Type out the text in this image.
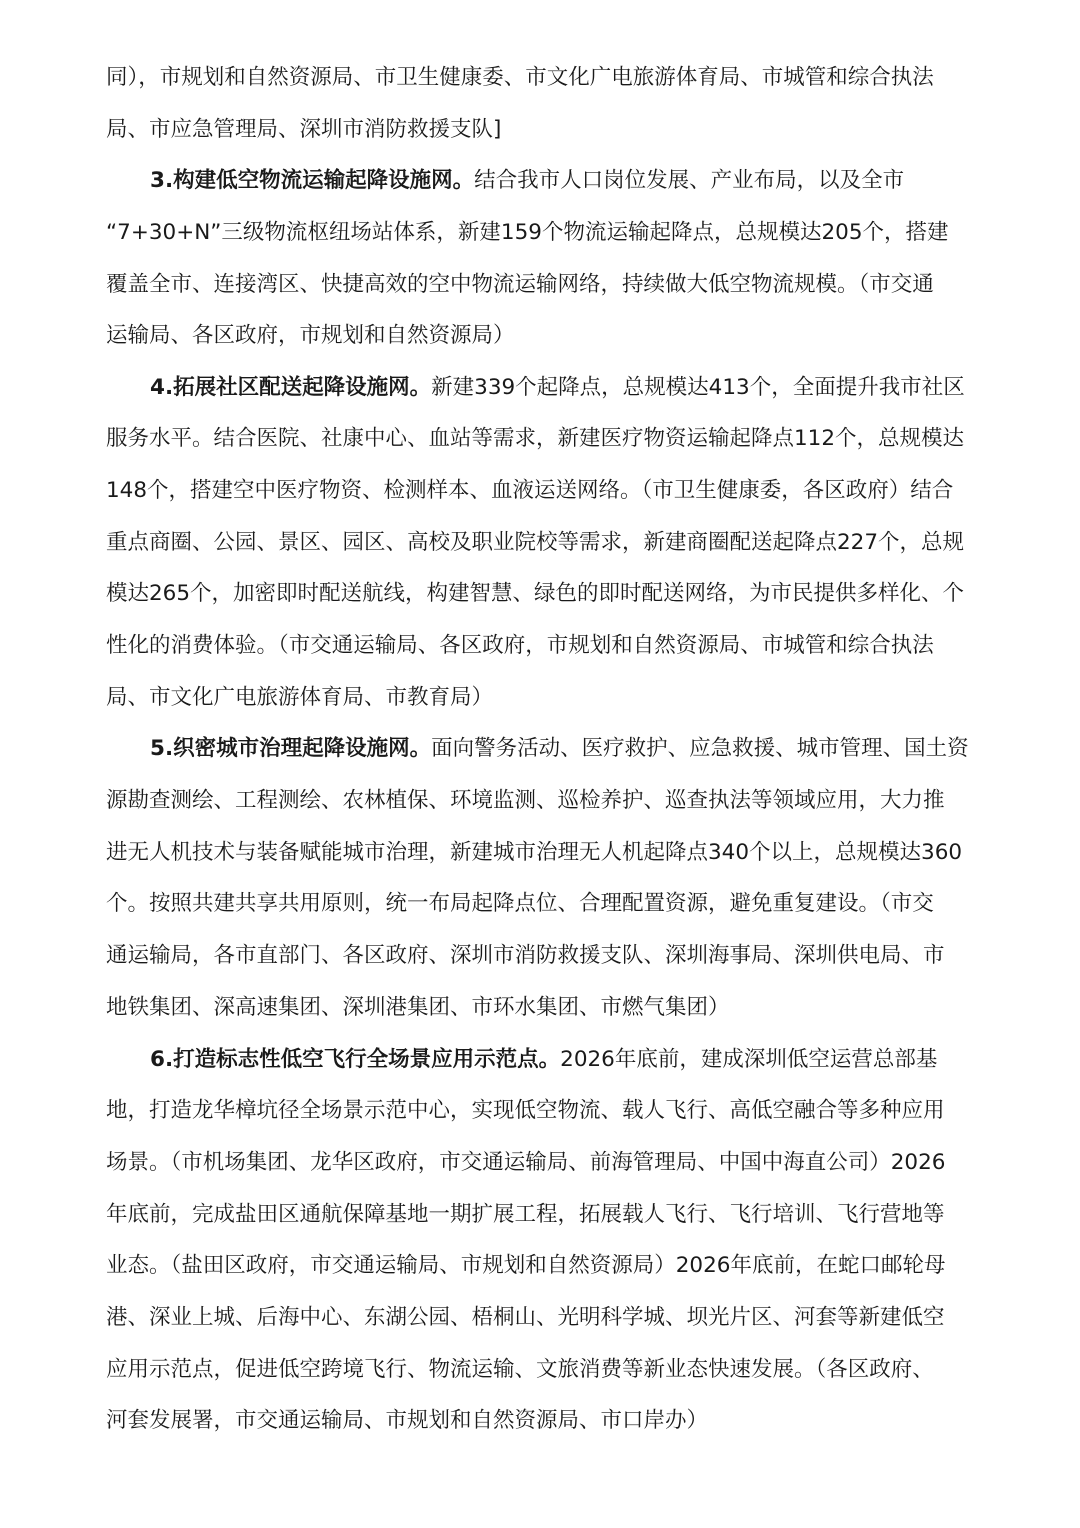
同），市规划和自然资源局、市卫生健康委、市文化广电旅游体育局、市城管和综合执法
局、市应急管理局、深圳市消防救援支队]
3.构建低空物流运输起降设施网。结合我市人口岗位发展、产业布局，以及全市
“7+30+N”三级物流枢纽场站体系，新建159个物流运输起降点，总规模达205个，搭建
覆盖全市、连接湾区、快捷高效的空中物流运输网络，持续做大低空物流规模。（市交通
运输局、各区政府，市规划和自然资源局）
4.拓展社区配送起降设施网。新建339个起降点，总规模达413个，全面提升我市社区
服务水平。结合医院、社康中心、血站等需求，新建医疗物资运输起降点112个，总规模达
148个，搭建空中医疗物资、检测样本、血液运送网络。（市卫生健康委，各区政府）结合
重点商圈、公园、景区、园区、高校及职业院校等需求，新建商圈配送起降点227个，总规
模达265个，加密即时配送航线，构建智慧、绿色的即时配送网络，为市民提供多样化、个
性化的消费体验。（市交通运输局、各区政府，市规划和自然资源局、市城管和综合执法
局、市文化广电旅游体育局、市教育局）
5.织密城市治理起降设施网。面向警务活动、医疗救护、应急救援、城市管理、国土资
源勘查测绘、工程测绘、农林植保、环境监测、巡检养护、巡查执法等领域应用，大力推
进无人机技术与装备赋能城市治理，新建城市治理无人机起降点340个以上，总规模达360
个。按照共建共享共用原则，统一布局起降点位、合理配置资源，避免重复建设。（市交
通运输局，各市直部门、各区政府、深圳市消防救援支队、深圳海事局、深圳供电局、市
地铁集团、深高速集团、深圳港集团、市环水集团、市燃气集团）
6.打造标志性低空飞行全场景应用示范点。2026年底前，建成深圳低空运营总部基
地，打造龙华樟坑径全场景示范中心，实现低空物流、载人飞行、高低空融合等多种应用
场景。（市机场集团、龙华区政府，市交通运输局、前海管理局、中国中海直公司）2026
年底前，完成盐田区通航保障基地一期扩展工程，拓展载人飞行、飞行培训、飞行营地等
业态。（盐田区政府，市交通运输局、市规划和自然资源局）2026年底前，在蛇口邮轮母
港、深业上城、后海中心、东湖公园、梧桐山、光明科学城、坝光片区、河套等新建低空
应用示范点，促进低空跨境飞行、物流运输、文旅消费等新业态快速发展。（各区政府、
河套发展署，市交通运输局、市规划和自然资源局、市口岸办）
